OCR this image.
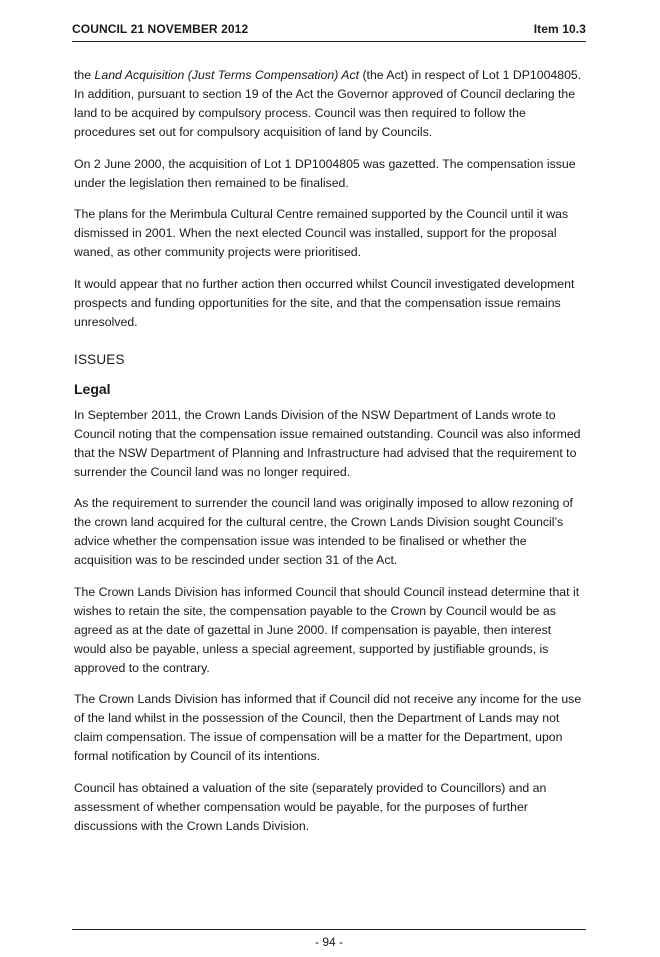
COUNCIL 21 NOVEMBER 2012	Item 10.3

the Land Acquisition (Just Terms Compensation) Act (the Act) in respect of Lot 1 DP1004805. In addition, pursuant to section 19 of the Act the Governor approved of Council declaring the land to be acquired by compulsory process. Council was then required to follow the procedures set out for compulsory acquisition of land by Councils.

On 2 June 2000, the acquisition of Lot 1 DP1004805 was gazetted. The compensation issue under the legislation then remained to be finalised.

The plans for the Merimbula Cultural Centre remained supported by the Council until it was dismissed in 2001. When the next elected Council was installed, support for the proposal waned, as other community projects were prioritised.

It would appear that no further action then occurred whilst Council investigated development prospects and funding opportunities for the site, and that the compensation issue remains unresolved.

ISSUES
Legal

In September 2011, the Crown Lands Division of the NSW Department of Lands wrote to Council noting that the compensation issue remained outstanding. Council was also informed that the NSW Department of Planning and Infrastructure had advised that the requirement to surrender the Council land was no longer required.

As the requirement to surrender the council land was originally imposed to allow rezoning of the crown land acquired for the cultural centre, the Crown Lands Division sought Council’s advice whether the compensation issue was intended to be finalised or whether the acquisition was to be rescinded under section 31 of the Act.

The Crown Lands Division has informed Council that should Council instead determine that it wishes to retain the site, the compensation payable to the Crown by Council would be as agreed as at the date of gazettal in June 2000. If compensation is payable, then interest would also be payable, unless a special agreement, supported by justifiable grounds, is approved to the contrary.

The Crown Lands Division has informed that if Council did not receive any income for the use of the land whilst in the possession of the Council, then the Department of Lands may not claim compensation. The issue of compensation will be a matter for the Department, upon formal notification by Council of its intentions.

Council has obtained a valuation of the site (separately provided to Councillors) and an assessment of whether compensation would be payable, for the purposes of further discussions with the Crown Lands Division.

- 94 -
